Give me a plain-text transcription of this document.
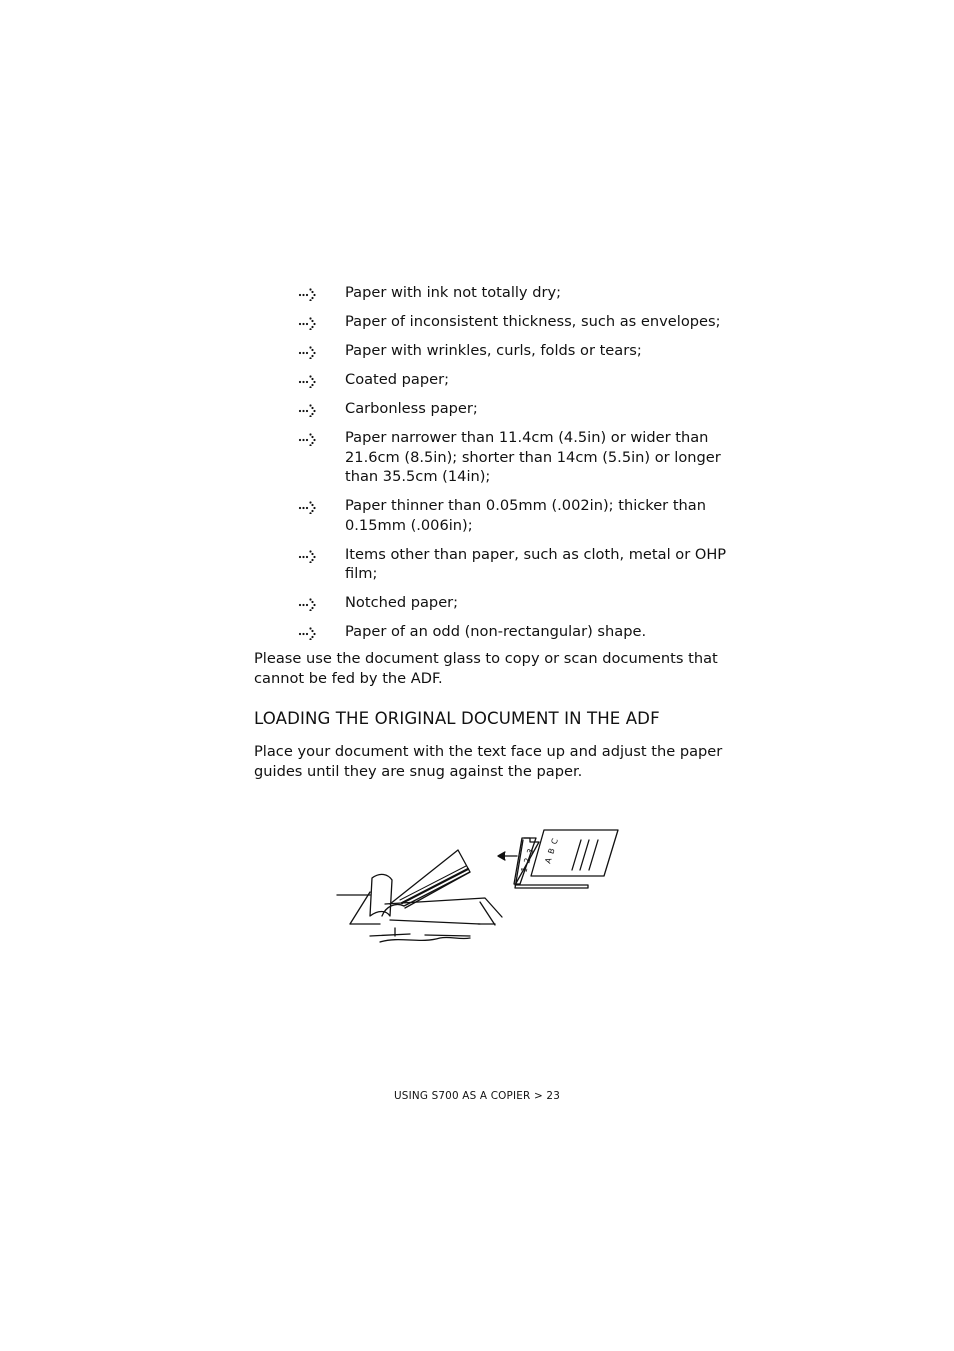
Paper with ink not totally dry;
Paper of inconsistent thickness, such as envelopes;
Paper with wrinkles, curls, folds or tears;
Coated paper;
Carbonless paper;
Paper narrower than 11.4cm (4.5in) or wider than 21.6cm (8.5in); shorter than 14cm (5.5in) or longer than 35.5cm (14in);
Paper thinner than 0.05mm (.002in); thicker than 0.15mm (.006in);
Items other than paper, such as cloth, metal or OHP film;
Notched paper;
Paper of an odd (non-rectangular) shape.

Please use the document glass to copy or scan documents that cannot be fed by the ADF.

LOADING THE ORIGINAL DOCUMENT IN THE ADF

Place your document with the text face up and adjust the paper guides until they are snug against the paper.

1 2 3 A B C
USING S700 AS A COPIER > 23
